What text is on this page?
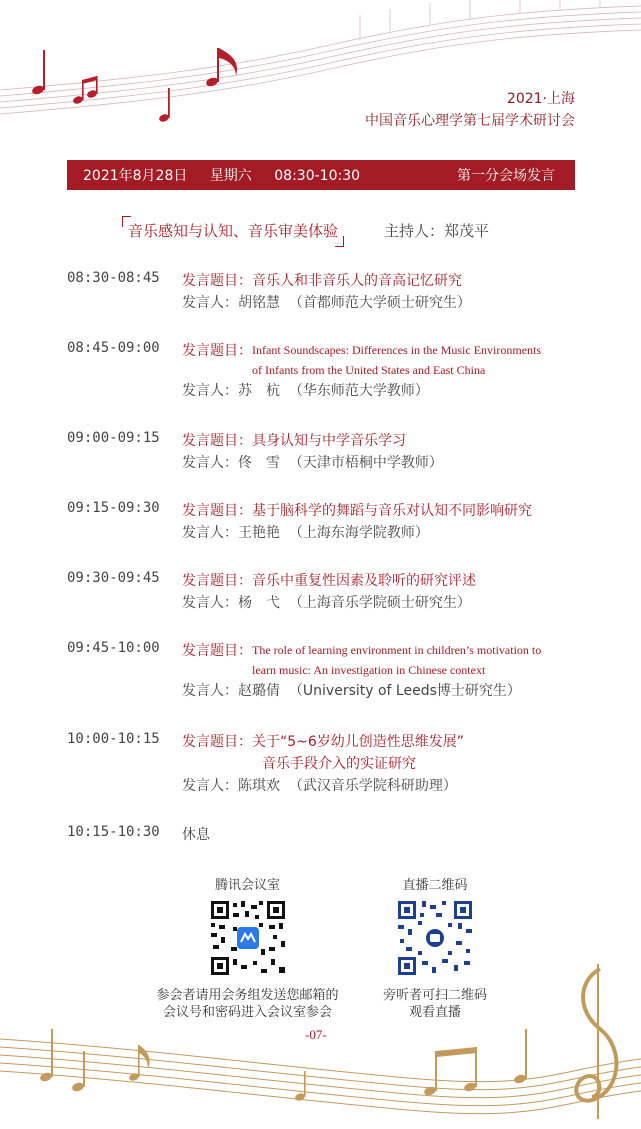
2021·上海
中国音乐心理学第七届学术研讨会
2021年8月28日 星期六 08:30-10:30	第一分会场发言
音乐感知与认知、音乐审美体验	主持人：郑茂平
08:30-08:45 发言题目：音乐人和非音乐人的音高记忆研究
发言人：胡铭慧 （首都师范大学硕士研究生）
08:45-09:00 发言题目：Infant Soundscapes: Differences in the Music Environments
of Infants from the United States and East China
发言人：苏　杭 （华东师范大学教师）
09:00-09:15 发言题目：具身认知与中学音乐学习
发言人：佟　雪 （天津市梧桐中学教师）
09:15-09:30 发言题目：基于脑科学的舞蹈与音乐对认知不同影响研究
发言人：王艳艳 （上海东海学院教师）
09:30-09:45 发言题目：音乐中重复性因素及聆听的研究评述
发言人：杨　弋 （上海音乐学院硕士研究生）
09:45-10:00 发言题目：The role of learning environment in children’s motivation to
learn music: An investigation in Chinese context
发言人：赵璐倩 （University of Leeds博士研究生）
10:00-10:15 发言题目：关于“5~6岁幼儿创造性思维发展”
音乐手段介入的实证研究
发言人：陈琪欢 （武汉音乐学院科研助理）
10:15-10:30 休息
腾讯会议室
参会者请用会务组发送您邮箱的
会议号和密码进入会议室参会
直播二维码
旁听者可扫二维码
观看直播
-07-
